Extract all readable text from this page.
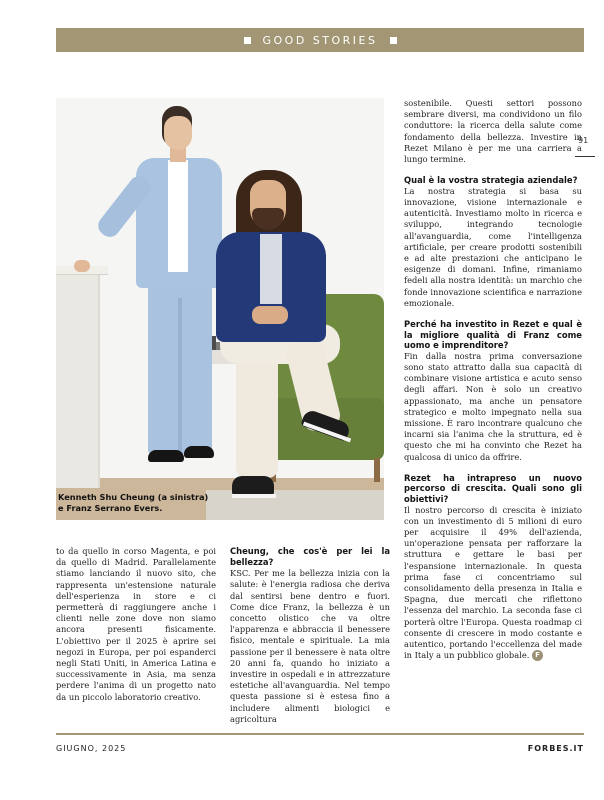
GOOD STORIES
91

Kenneth Shu Cheung (a sinistra)
e Franz Serrano Evers.

to da quello in corso Magenta, e poi da quello di Madrid. Parallelamente stiamo lanciando il nuovo sito, che rappresenta un'estensione naturale dell'esperienza in store e ci permetterà di raggiungere anche i clienti nelle zone dove non siamo ancora presenti fisicamente. L'obiettivo per il 2025 è aprire sei negozi in Europa, per poi espanderci negli Stati Uniti, in America Latina e successivamente in Asia, ma senza perdere l'anima di un progetto nato da un piccolo laboratorio creativo.

Cheung, che cos'è per lei la bellezza?

KSC. Per me la bellezza inizia con la salute: è l'energia radiosa che deriva dal sentirsi bene dentro e fuori. Come dice Franz, la bellezza è un concetto olistico che va oltre l'apparenza e abbraccia il benessere fisico, mentale e spirituale. La mia passione per il benessere è nata oltre 20 anni fa, quando ho iniziato a investire in ospedali e in attrezzature estetiche all'avanguardia. Nel tempo questa passione si è estesa fino a includere alimenti biologici e agricoltura

sostenibile. Questi settori possono sembrare diversi, ma condividono un filo conduttore: la ricerca della salute come fondamento della bellezza. Investire in Rezet Milano è per me una carriera a lungo termine.

Qual è la vostra strategia aziendale?

La nostra strategia si basa su innovazione, visione internazionale e autenticità. Investiamo molto in ricerca e sviluppo, integrando tecnologie all'avanguardia, come l'intelligenza artificiale, per creare prodotti sostenibili e ad alte prestazioni che anticipano le esigenze di domani. Infine, rimaniamo fedeli alla nostra identità: un marchio che fonde innovazione scientifica e narrazione emozionale.

Perché ha investito in Rezet e qual è la migliore qualità di Franz come uomo e imprenditore?

Fin dalla nostra prima conversazione sono stato attratto dalla sua capacità di combinare visione artistica e acuto senso degli affari. Non è solo un creativo appassionato, ma anche un pensatore strategico e molto impegnato nella sua missione. È raro incontrare qualcuno che incarni sia l'anima che la struttura, ed è questo che mi ha convinto che Rezet ha qualcosa di unico da offrire.

Rezet ha intrapreso un nuovo percorso di crescita. Quali sono gli obiettivi?

Il nostro percorso di crescita è iniziato con un investimento di 5 milioni di euro per acquisire il 49% dell'azienda, un'operazione pensata per rafforzare la struttura e gettare le basi per l'espansione internazionale. In questa prima fase ci concentriamo sul consolidamento della presenza in Italia e Spagna, due mercati che riflettono l'essenza del marchio. La seconda fase ci porterà oltre l'Europa. Questa roadmap ci consente di crescere in modo costante e autentico, portando l'eccellenza del made in Italy a un pubblico globale. F

GIUGNO, 2025	FORBES.IT
